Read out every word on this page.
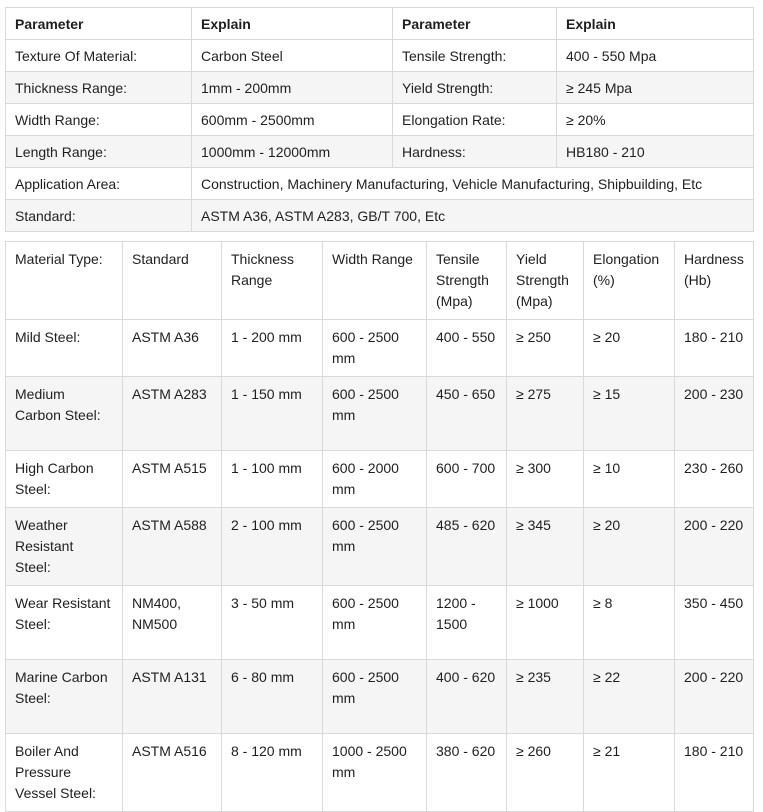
Parameter	Explain	Parameter	Explain
Texture Of Material:	Carbon Steel	Tensile Strength:	400 - 550 Mpa
Thickness Range:	1mm - 200mm	Yield Strength:	≥ 245 Mpa
Width Range:	600mm - 2500mm	Elongation Rate:	≥ 20%
Length Range:	1000mm - 12000mm	Hardness:	HB180 - 210
Application Area:	Construction, Machinery Manufacturing, Vehicle Manufacturing, Shipbuilding, Etc		
Standard:	ASTM A36, ASTM A283, GB/T 700, Etc		
Material Type:	Standard	Thickness Range	Width Range	Tensile Strength (Mpa)	Yield Strength (Mpa)	Elongation (%)	Hardness (Hb)
Mild Steel:	ASTM A36	1 - 200 mm	600 - 2500 mm	400 - 550	≥ 250	≥ 20	180 - 210
Medium Carbon Steel:	ASTM A283	1 - 150 mm	600 - 2500 mm	450 - 650	≥ 275	≥ 15	200 - 230
High Carbon Steel:	ASTM A515	1 - 100 mm	600 - 2000 mm	600 - 700	≥ 300	≥ 10	230 - 260
Weather Resistant Steel:	ASTM A588	2 - 100 mm	600 - 2500 mm	485 - 620	≥ 345	≥ 20	200 - 220
Wear Resistant Steel:	NM400, NM500	3 - 50 mm	600 - 2500 mm	1200 - 1500	≥ 1000	≥ 8	350 - 450
Marine Carbon Steel:	ASTM A131	6 - 80 mm	600 - 2500 mm	400 - 620	≥ 235	≥ 22	200 - 220
Boiler And Pressure Vessel Steel:	ASTM A516	8 - 120 mm	1000 - 2500 mm	380 - 620	≥ 260	≥ 21	180 - 210
